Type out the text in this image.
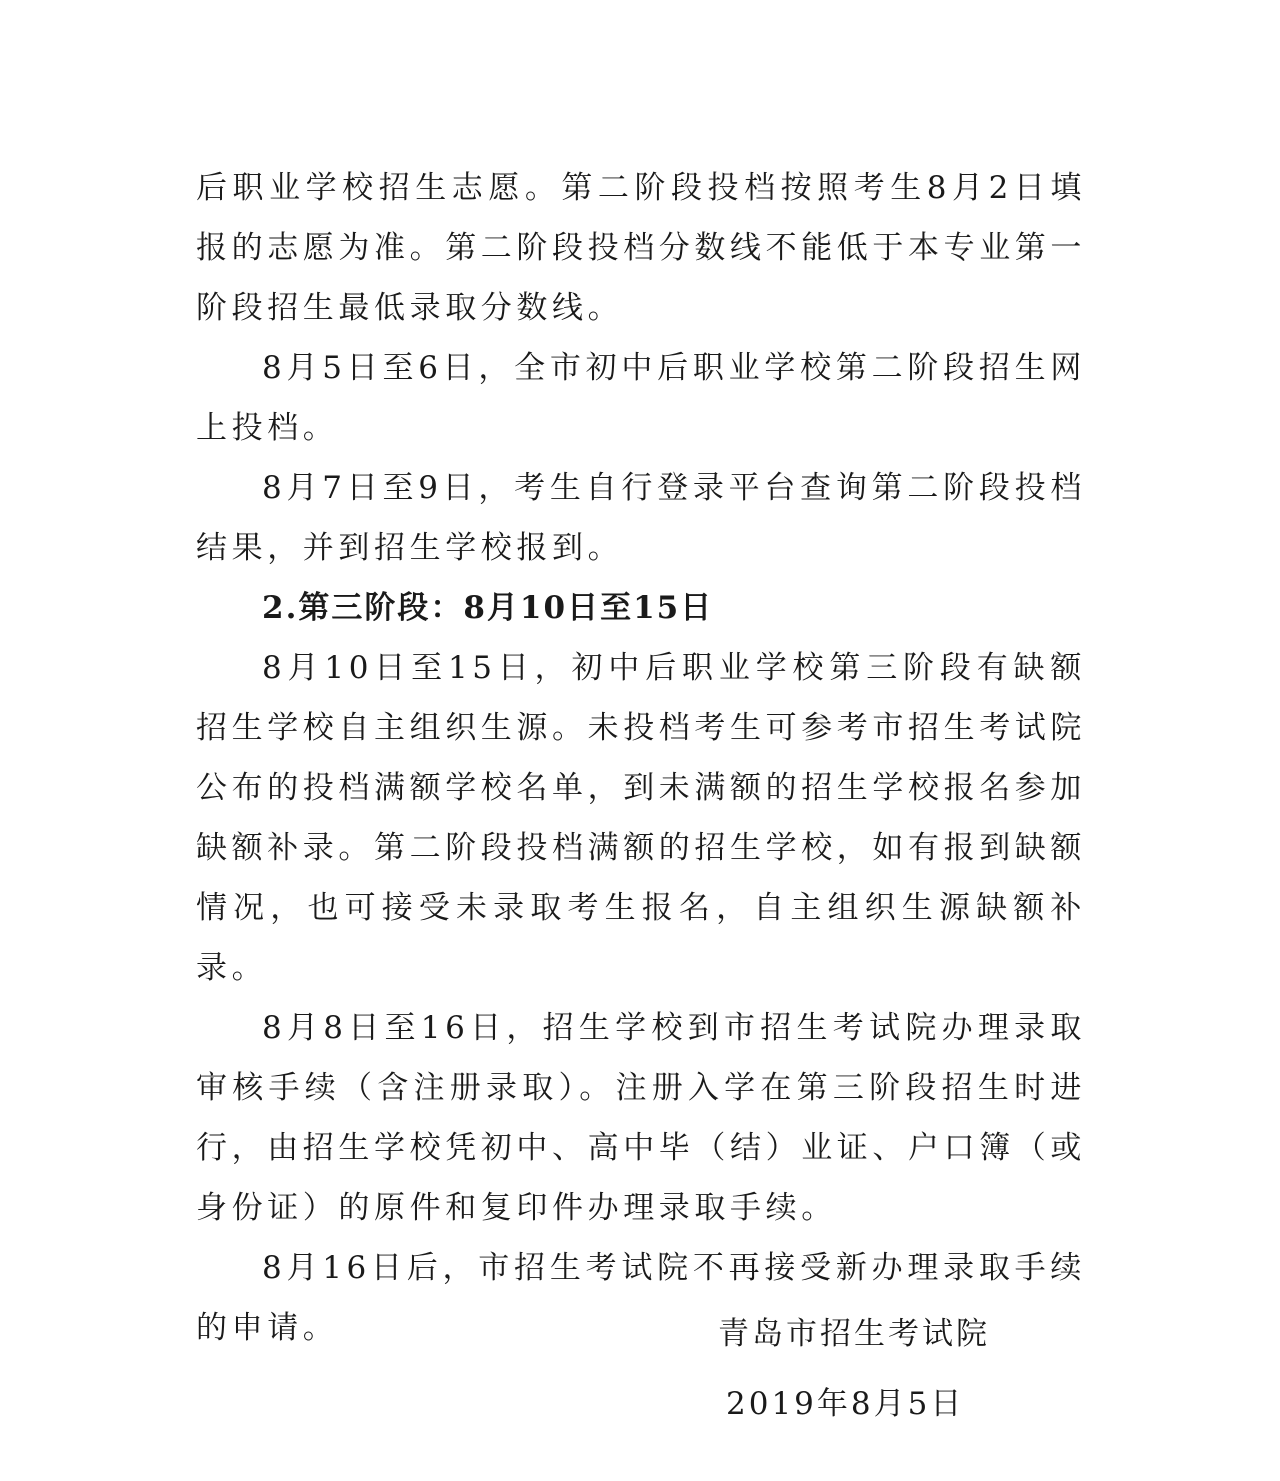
后职业学校招生志愿。第二阶段投档按照考生8月2日填报的志愿为准。第二阶段投档分数线不能低于本专业第一阶段招生最低录取分数线。

8月5日至6日，全市初中后职业学校第二阶段招生网上投档。

8月7日至9日，考生自行登录平台查询第二阶段投档结果，并到招生学校报到。

2.第三阶段：8月10日至15日

8月10日至15日，初中后职业学校第三阶段有缺额招生学校自主组织生源。未投档考生可参考市招生考试院公布的投档满额学校名单，到未满额的招生学校报名参加缺额补录。第二阶段投档满额的招生学校，如有报到缺额情况，也可接受未录取考生报名，自主组织生源缺额补录。

8月8日至16日，招生学校到市招生考试院办理录取审核手续（含注册录取）。注册入学在第三阶段招生时进行，由招生学校凭初中、高中毕（结）业证、户口簿（或身份证）的原件和复印件办理录取手续。

8月16日后，市招生考试院不再接受新办理录取手续的申请。	青岛市招生考试院
2019年8月5日
